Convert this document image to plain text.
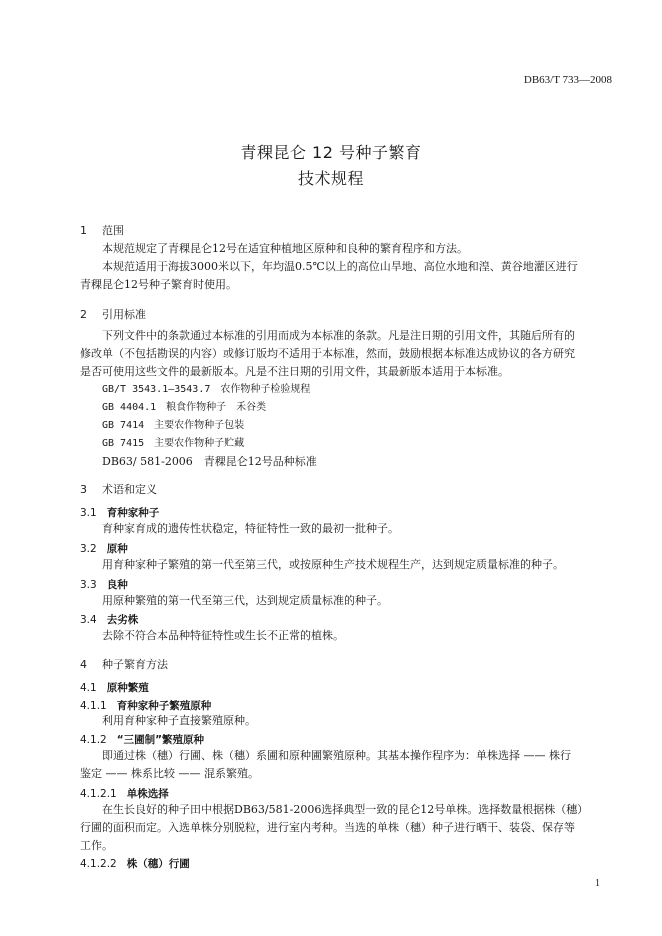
DB63/T 733—2008
青稞昆仑 12 号种子繁育
技术规程
1 范围
本规范规定了青稞昆仑12号在适宜种植地区原种和良种的繁育程序和方法。
本规范适用于海拔3000米以下，年均温0.5℃以上的高位山旱地、高位水地和湟、黄谷地灌区进行
青稞昆仑12号种子繁育时使用。
2 引用标准
下列文件中的条款通过本标准的引用而成为本标准的条款。凡是注日期的引用文件，其随后所有的
修改单（不包括勘误的内容）或修订版均不适用于本标准，然而，鼓励根据本标准达成协议的各方研究
是否可使用这些文件的最新版本。凡是不注日期的引用文件，其最新版本适用于本标准。
GB/T 3543.1—3543.7　农作物种子检验规程
GB 4404.1　粮食作物种子　禾谷类
GB 7414　主要农作物种子包装
GB 7415　主要农作物种子贮藏
DB63/ 581-2006　青稞昆仑12号品种标准
3 术语和定义
3.1 育种家种子
育种家育成的遗传性状稳定，特征特性一致的最初一批种子。
3.2 原种
用育种家种子繁殖的第一代至第三代，或按原种生产技术规程生产，达到规定质量标准的种子。
3.3 良种
用原种繁殖的第一代至第三代，达到规定质量标准的种子。
3.4 去劣株
去除不符合本品种特征特性或生长不正常的植株。
4 种子繁育方法
4.1 原种繁殖
4.1.1 育种家种子繁殖原种
利用育种家种子直接繁殖原种。
4.1.2 “三圃制”繁殖原种
即通过株（穗）行圃、株（穗）系圃和原种圃繁殖原种。其基本操作程序为：单株选择 —— 株行
鉴定 —— 株系比较 —— 混系繁殖。
4.1.2.1 单株选择
在生长良好的种子田中根据DB63/581-2006选择典型一致的昆仑12号单株。选择数量根据株（穗）
行圃的面积而定。入选单株分别脱粒，进行室内考种。当选的单株（穗）种子进行晒干、装袋、保存等
工作。
4.1.2.2 株（穗）行圃
1
